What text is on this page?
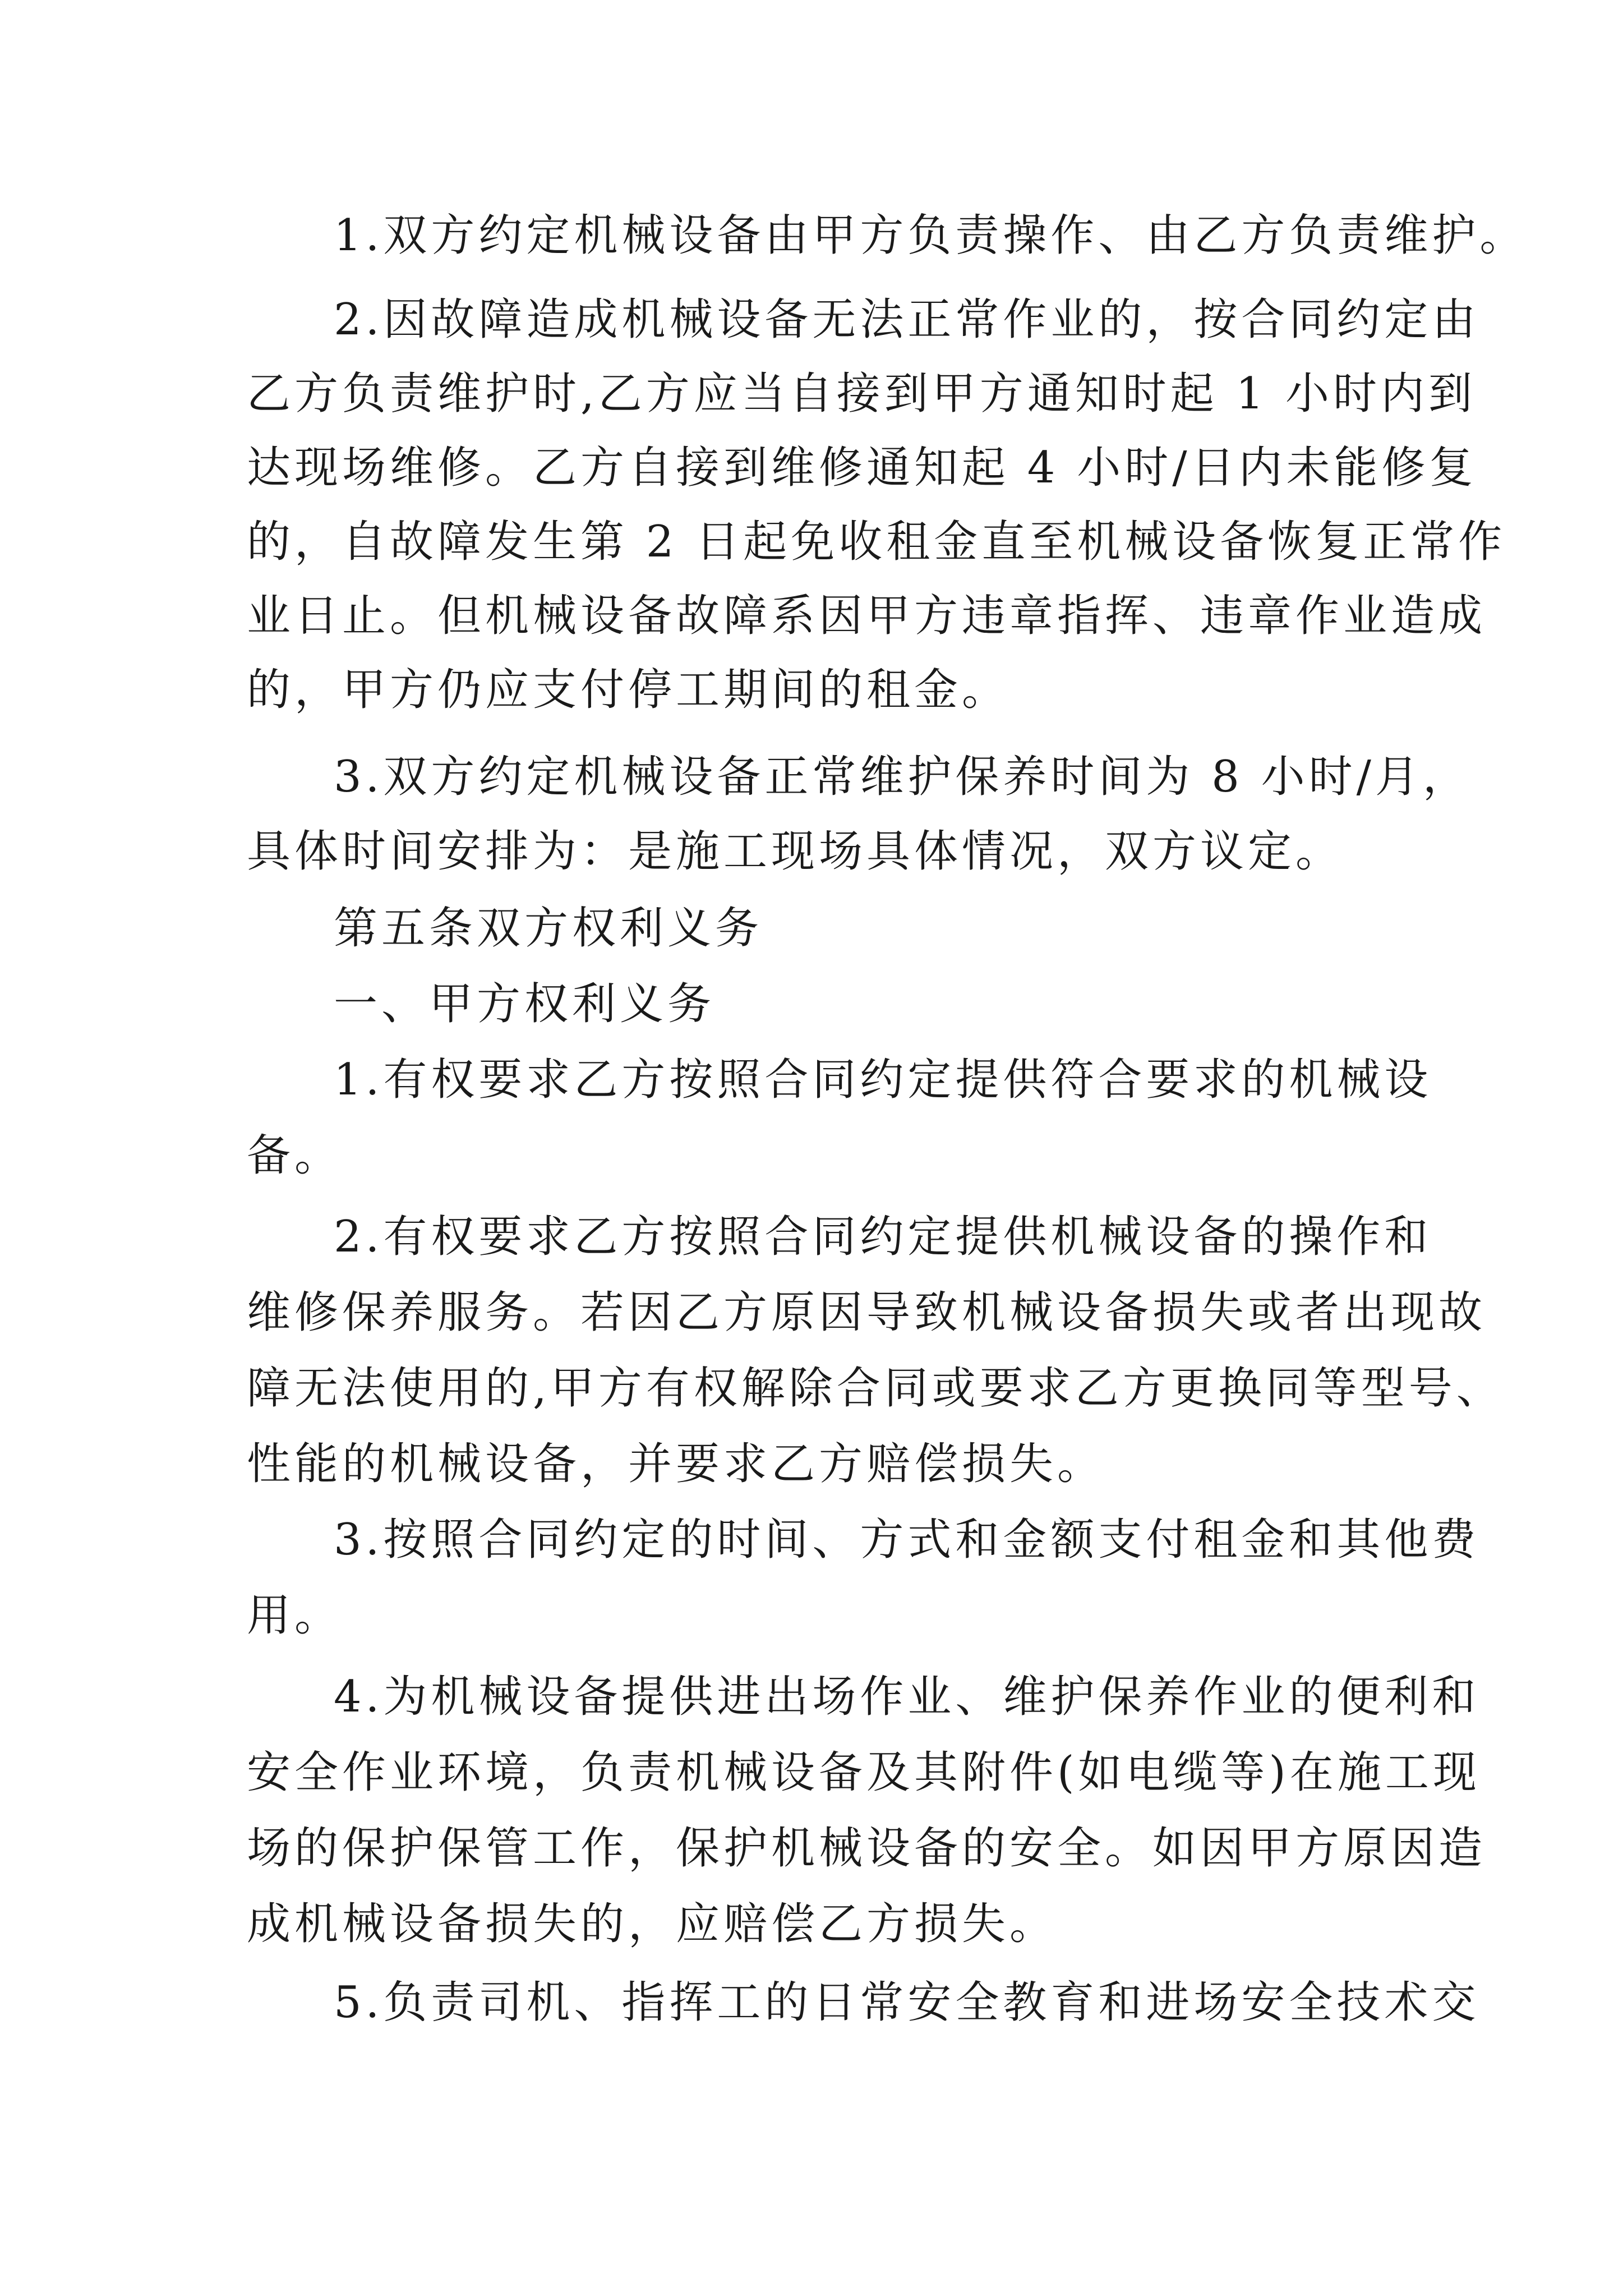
1.双方约定机械设备由甲方负责操作、由乙方负责维护。
2.因故障造成机械设备无法正常作业的，按合同约定由
乙方负责维护时,乙方应当自接到甲方通知时起 1 小时内到
达现场维修。乙方自接到维修通知起 4 小时/日内未能修复
的，自故障发生第 2 日起免收租金直至机械设备恢复正常作
业日止。但机械设备故障系因甲方违章指挥、违章作业造成
的，甲方仍应支付停工期间的租金。
3.双方约定机械设备正常维护保养时间为 8 小时/月，
具体时间安排为：是施工现场具体情况，双方议定。
第五条双方权利义务
一、甲方权利义务
1.有权要求乙方按照合同约定提供符合要求的机械设
备。
2.有权要求乙方按照合同约定提供机械设备的操作和
维修保养服务。若因乙方原因导致机械设备损失或者出现故
障无法使用的,甲方有权解除合同或要求乙方更换同等型号、
性能的机械设备，并要求乙方赔偿损失。
3.按照合同约定的时间、方式和金额支付租金和其他费
用。
4.为机械设备提供进出场作业、维护保养作业的便利和
安全作业环境，负责机械设备及其附件(如电缆等)在施工现
场的保护保管工作，保护机械设备的安全。如因甲方原因造
成机械设备损失的，应赔偿乙方损失。
5.负责司机、指挥工的日常安全教育和进场安全技术交
